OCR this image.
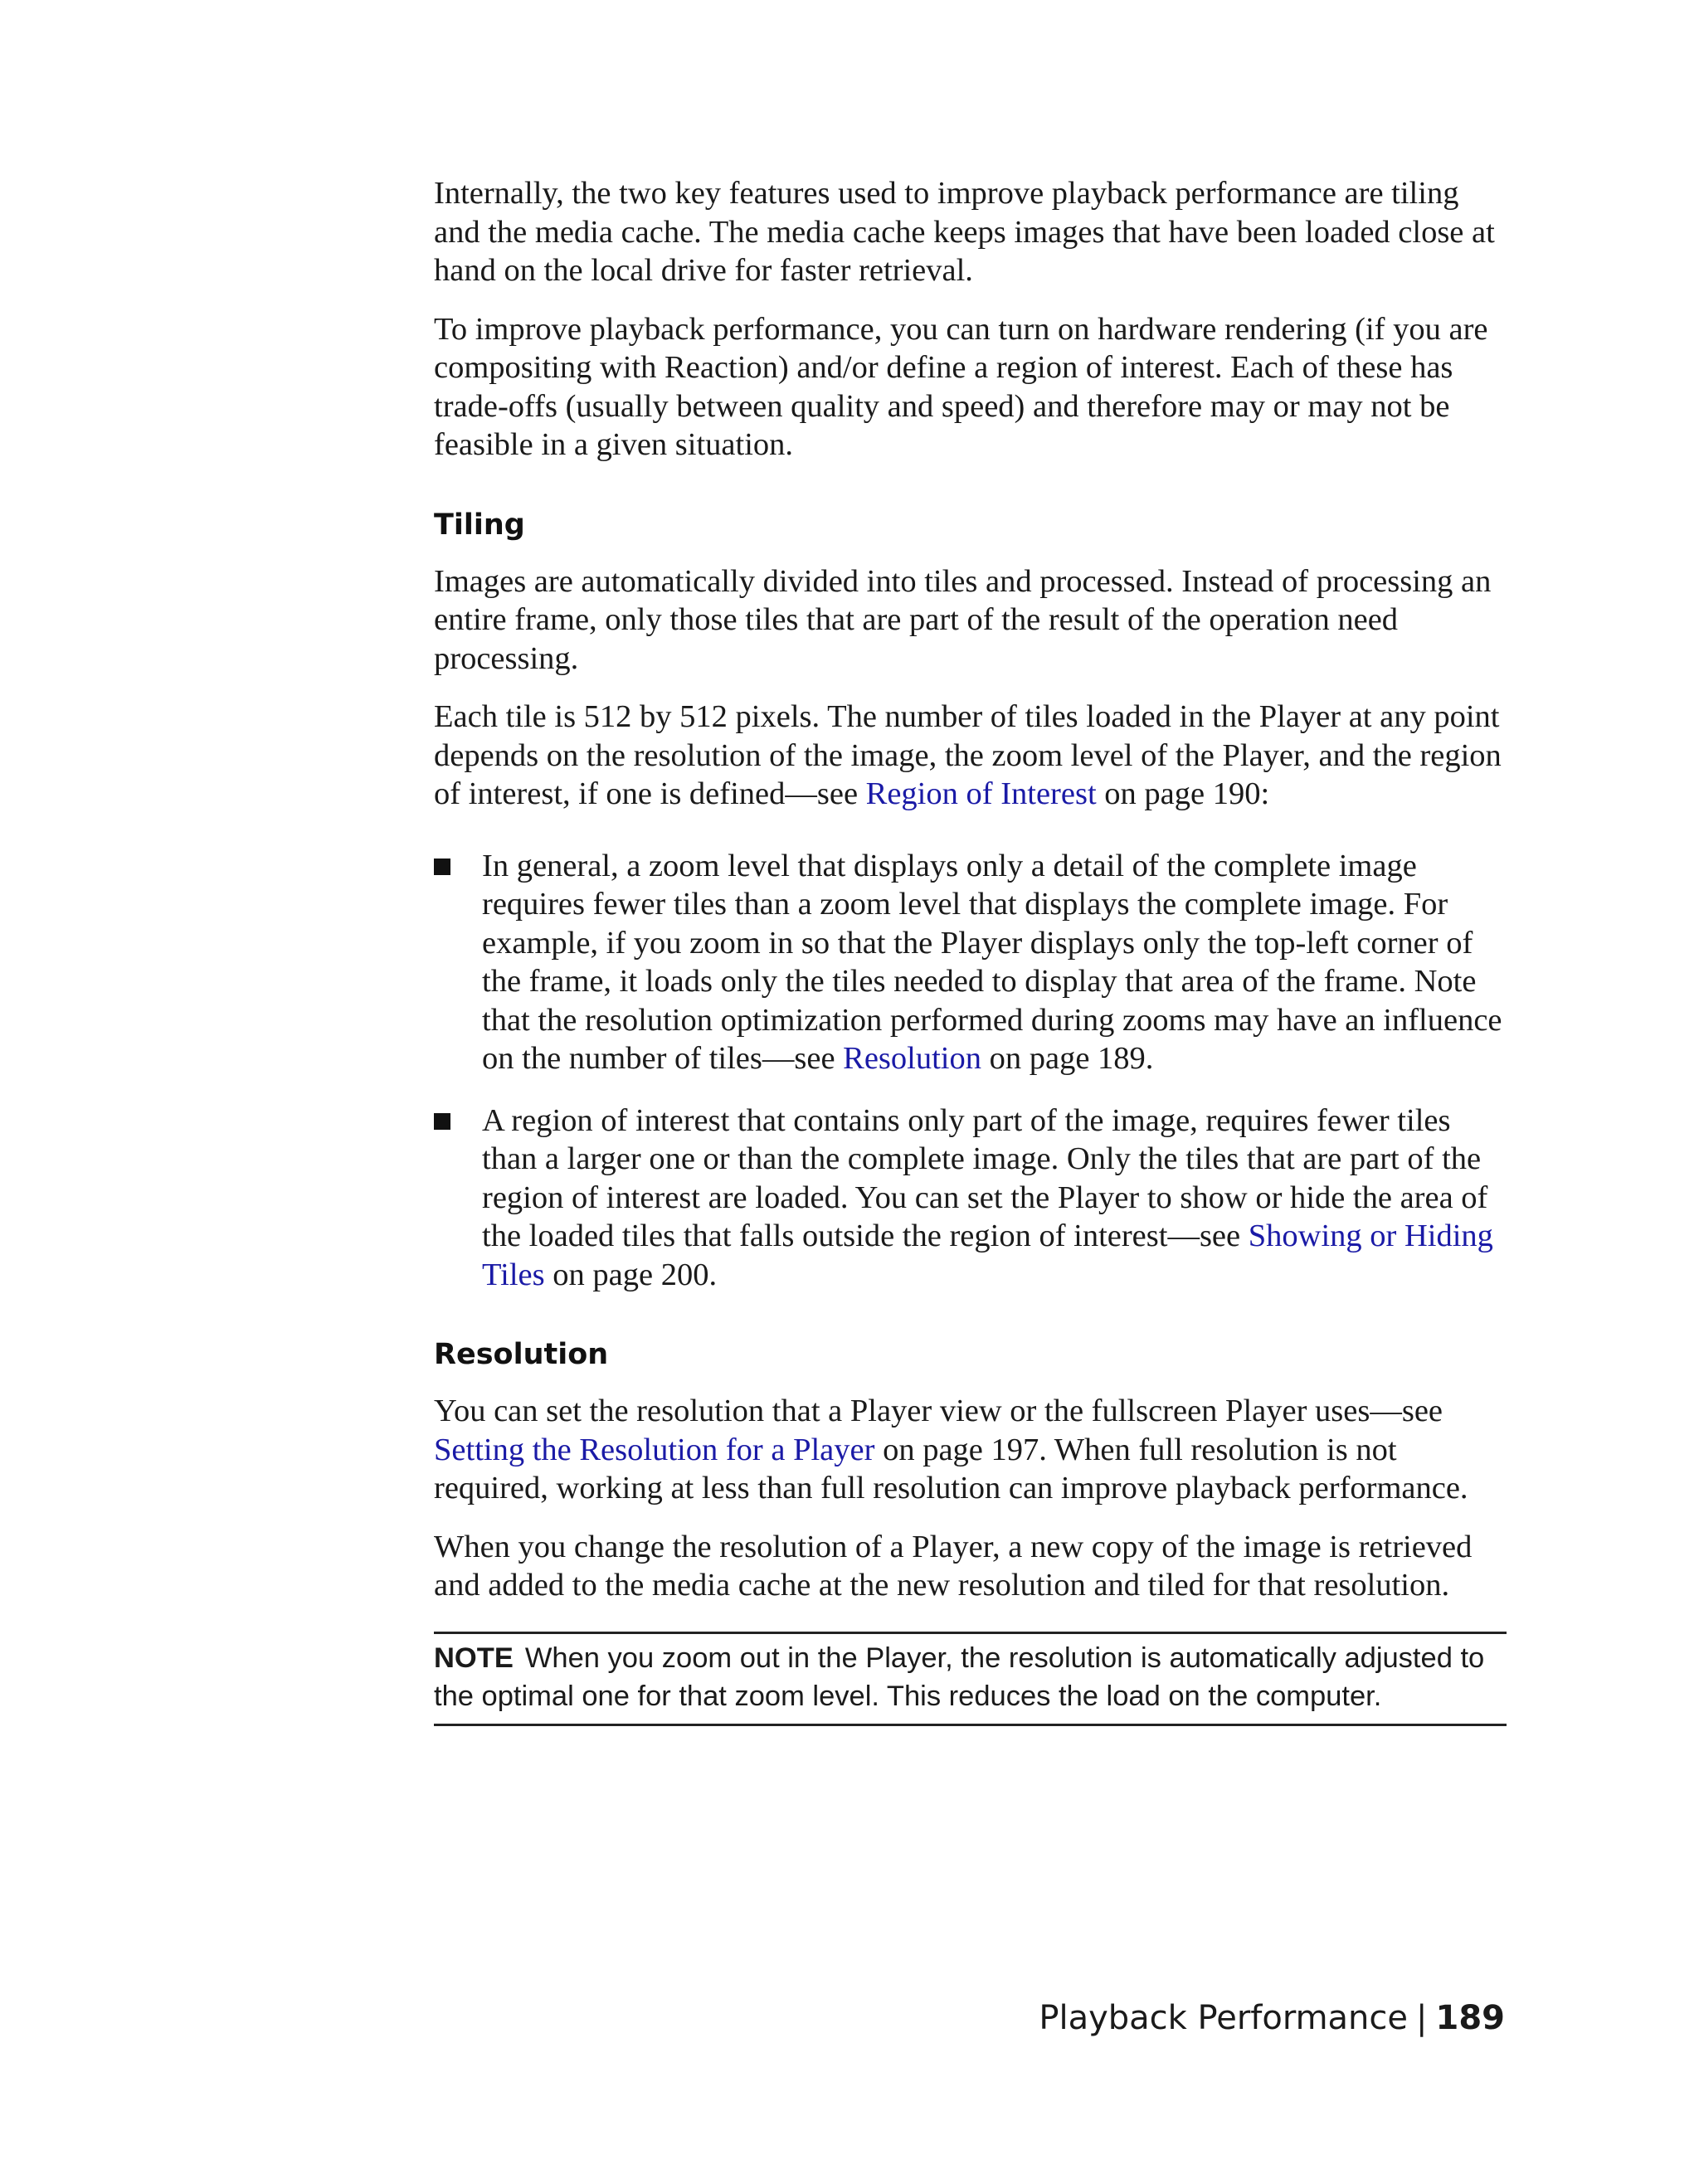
Internally, the two key features used to improve playback performance are tiling and the media cache. The media cache keeps images that have been loaded close at hand on the local drive for faster retrieval.

To improve playback performance, you can turn on hardware rendering (if you are compositing with Reaction) and/or define a region of interest. Each of these has trade-offs (usually between quality and speed) and therefore may or may not be feasible in a given situation.

Tiling

Images are automatically divided into tiles and processed. Instead of processing an entire frame, only those tiles that are part of the result of the operation need processing.

Each tile is 512 by 512 pixels. The number of tiles loaded in the Player at any point depends on the resolution of the image, the zoom level of the Player, and the region of interest, if one is defined—see Region of Interest on page 190:

In general, a zoom level that displays only a detail of the complete image requires fewer tiles than a zoom level that displays the complete image. For example, if you zoom in so that the Player displays only the top-left corner of the frame, it loads only the tiles needed to display that area of the frame. Note that the resolution optimization performed during zooms may have an influence on the number of tiles—see Resolution on page 189.
A region of interest that contains only part of the image, requires fewer tiles than a larger one or than the complete image. Only the tiles that are part of the region of interest are loaded. You can set the Player to show or hide the area of the loaded tiles that falls outside the region of interest—see Showing or Hiding Tiles on page 200.
Resolution

You can set the resolution that a Player view or the fullscreen Player uses—see Setting the Resolution for a Player on page 197. When full resolution is not required, working at less than full resolution can improve playback performance.

When you change the resolution of a Player, a new copy of the image is retrieved and added to the media cache at the new resolution and tiled for that resolution.

NOTE When you zoom out in the Player, the resolution is automatically adjusted to the optimal one for that zoom level. This reduces the load on the computer.
Playback Performance | 189
